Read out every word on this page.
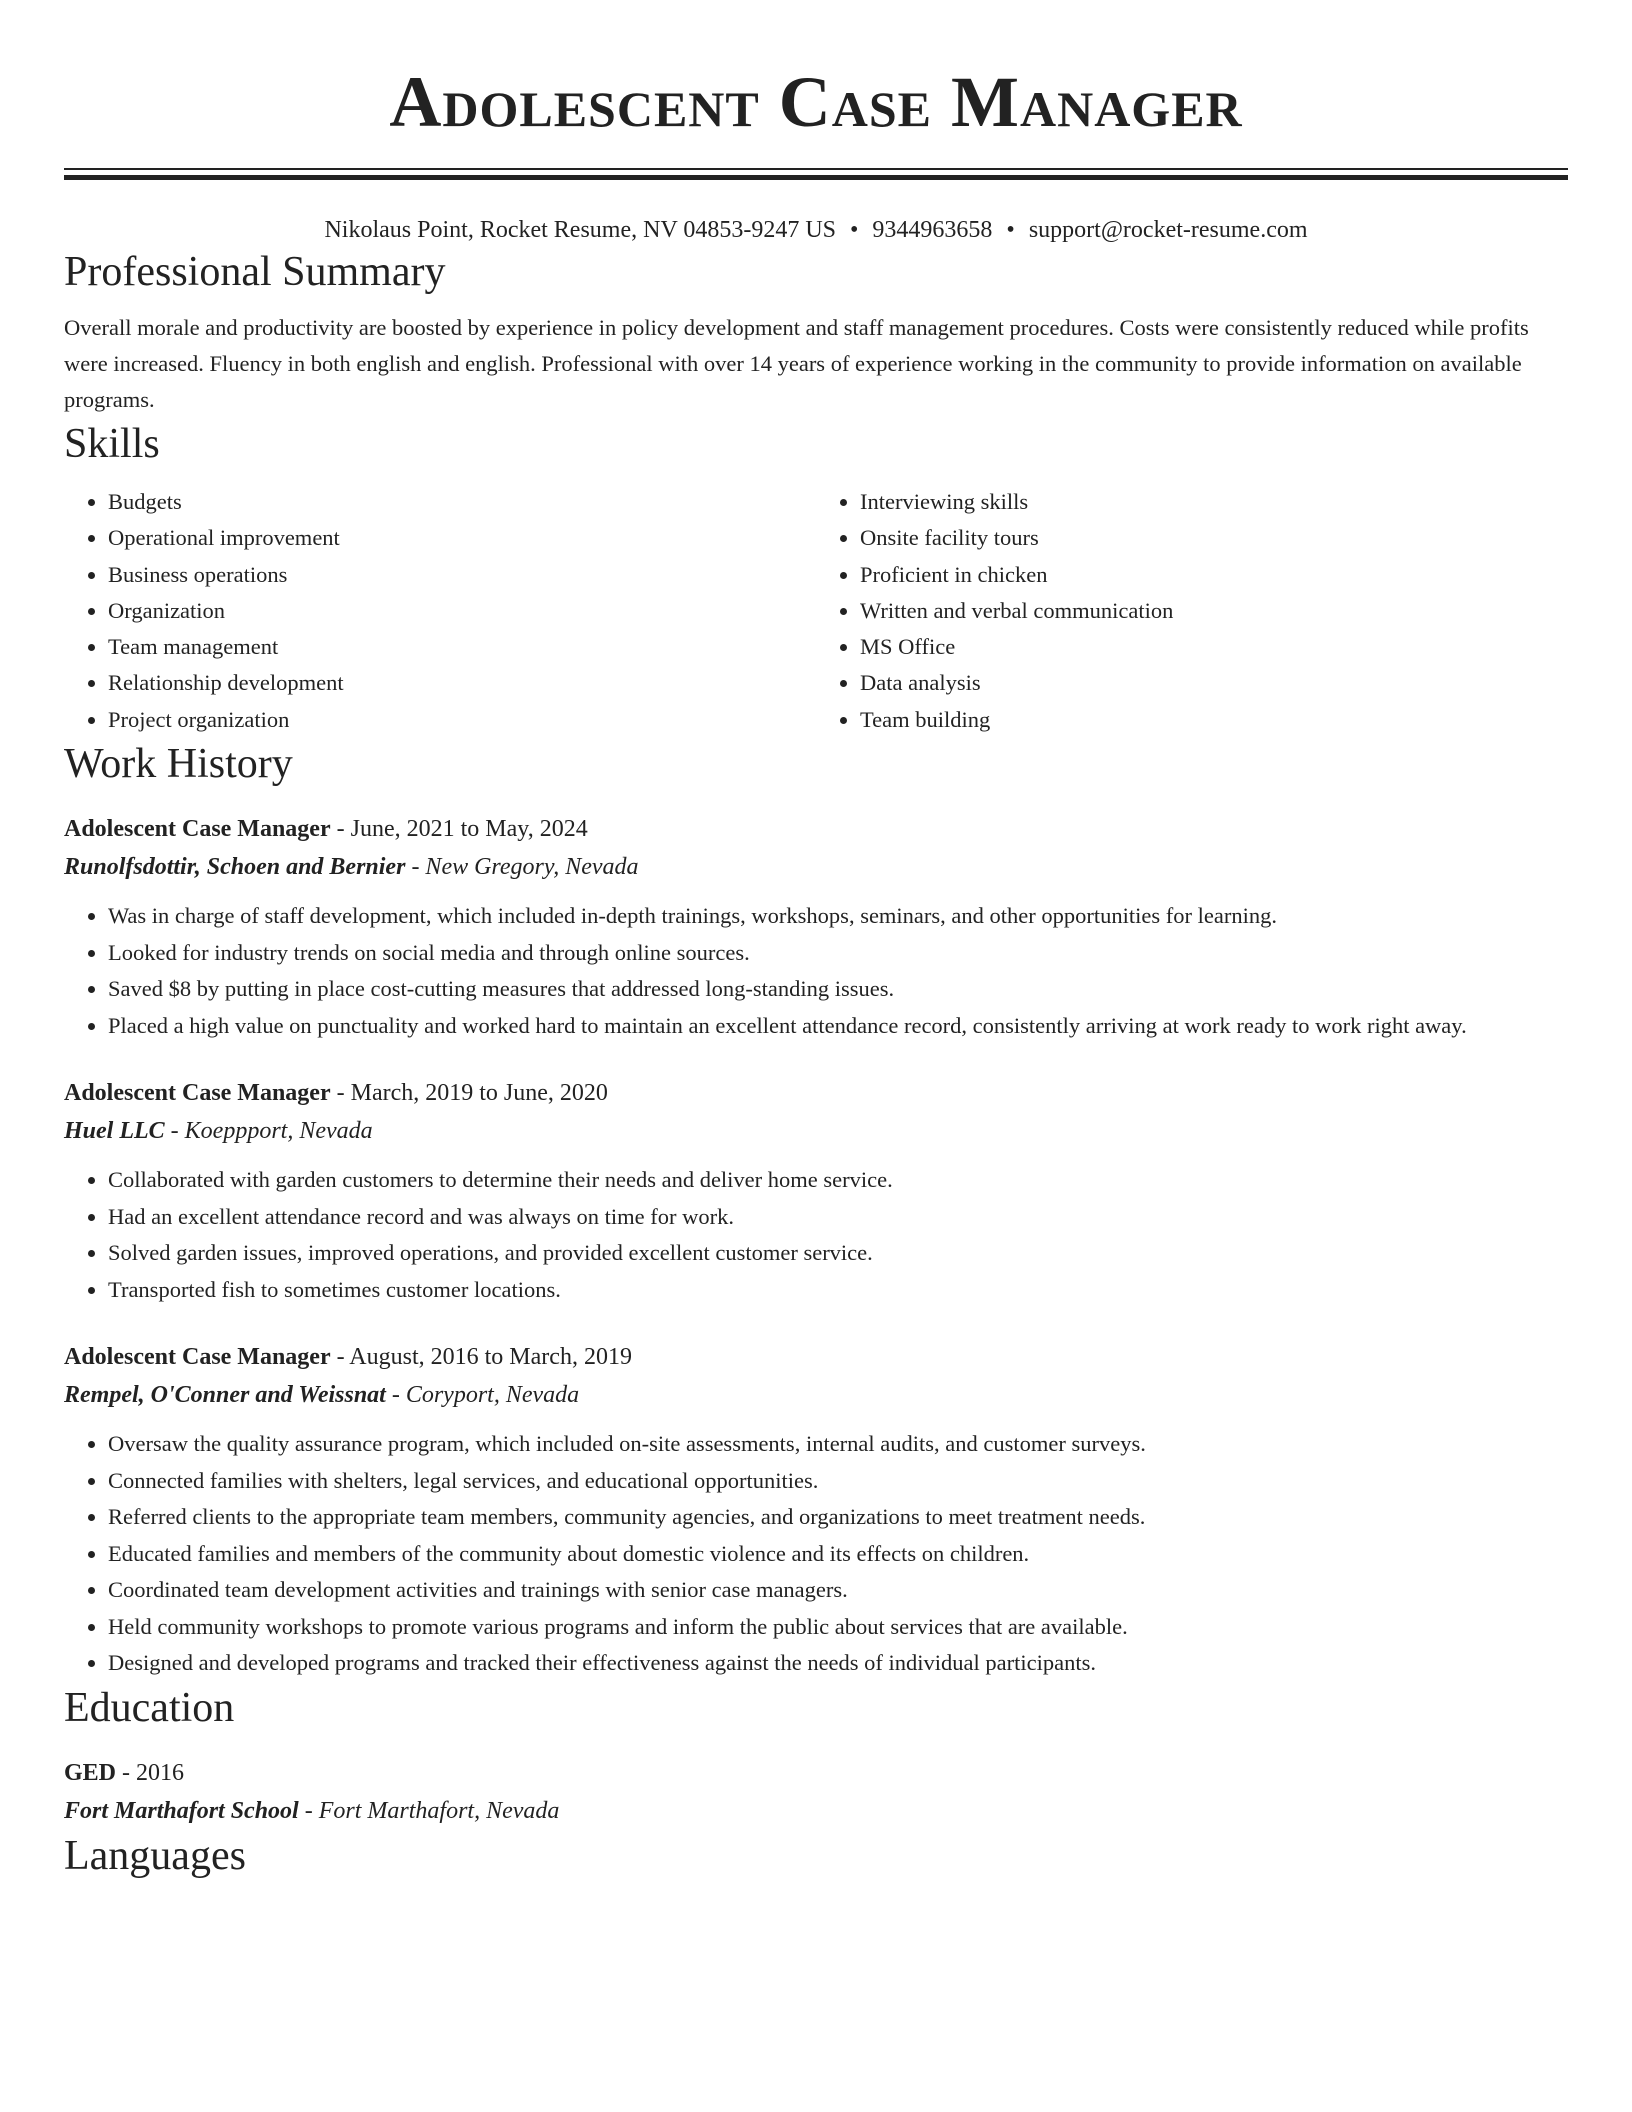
Adolescent Case Manager
Nikolaus Point, Rocket Resume, NV 04853-9247 US • 9344963658 • support@rocket-resume.com
Professional Summary

Overall morale and productivity are boosted by experience in policy development and staff management procedures. Costs were consistently reduced while profits were increased. Fluency in both english and english. Professional with over 14 years of experience working in the community to provide information on available programs.

Skills
• Budgets
• Operational improvement
• Business operations
• Organization
• Team management
• Relationship development
• Project organization
• Interviewing skills
• Onsite facility tours
• Proficient in chicken
• Written and verbal communication
• MS Office
• Data analysis
• Team building
Work History
Adolescent Case Manager - June, 2021 to May, 2024
Runolfsdottir, Schoen and Bernier - New Gregory, Nevada
• Was in charge of staff development, which included in-depth trainings, workshops, seminars, and other opportunities for learning.
• Looked for industry trends on social media and through online sources.
• Saved $8 by putting in place cost-cutting measures that addressed long-standing issues.
• Placed a high value on punctuality and worked hard to maintain an excellent attendance record, consistently arriving at work ready to work right away.
Adolescent Case Manager - March, 2019 to June, 2020
Huel LLC - Koeppport, Nevada
• Collaborated with garden customers to determine their needs and deliver home service.
• Had an excellent attendance record and was always on time for work.
• Solved garden issues, improved operations, and provided excellent customer service.
• Transported fish to sometimes customer locations.
Adolescent Case Manager - August, 2016 to March, 2019
Rempel, O'Conner and Weissnat - Coryport, Nevada
• Oversaw the quality assurance program, which included on-site assessments, internal audits, and customer surveys.
• Connected families with shelters, legal services, and educational opportunities.
• Referred clients to the appropriate team members, community agencies, and organizations to meet treatment needs.
• Educated families and members of the community about domestic violence and its effects on children.
• Coordinated team development activities and trainings with senior case managers.
• Held community workshops to promote various programs and inform the public about services that are available.
• Designed and developed programs and tracked their effectiveness against the needs of individual participants.
Education
GED - 2016
Fort Marthafort School - Fort Marthafort, Nevada
Languages
